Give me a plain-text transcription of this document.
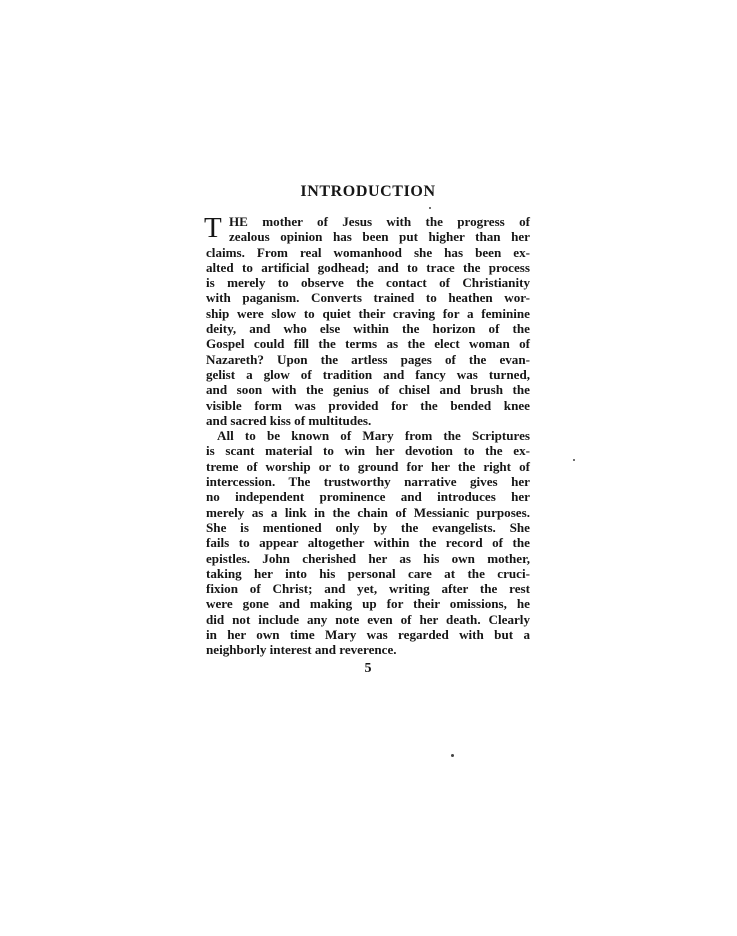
INTRODUCTION
T HE mother of Jesus with the progress of
zealous opinion has been put higher than her
claims. From real womanhood she has been ex-
alted to artificial godhead; and to trace the process
is merely to observe the contact of Christianity
with paganism. Converts trained to heathen wor-
ship were slow to quiet their craving for a feminine
deity, and who else within the horizon of the
Gospel could fill the terms as the elect woman of
Nazareth? Upon the artless pages of the evan-
gelist a glow of tradition and fancy was turned,
and soon with the genius of chisel and brush the
visible form was provided for the bended knee
and sacred kiss of multitudes.
All to be known of Mary from the Scriptures
is scant material to win her devotion to the ex-
treme of worship or to ground for her the right of
intercession. The trustworthy narrative gives her
no independent prominence and introduces her
merely as a link in the chain of Messianic purposes.
She is mentioned only by the evangelists. She
fails to appear altogether within the record of the
epistles. John cherished her as his own mother,
taking her into his personal care at the cruci-
fixion of Christ; and yet, writing after the rest
were gone and making up for their omissions, he
did not include any note even of her death. Clearly
in her own time Mary was regarded with but a
neighborly interest and reverence.
5
